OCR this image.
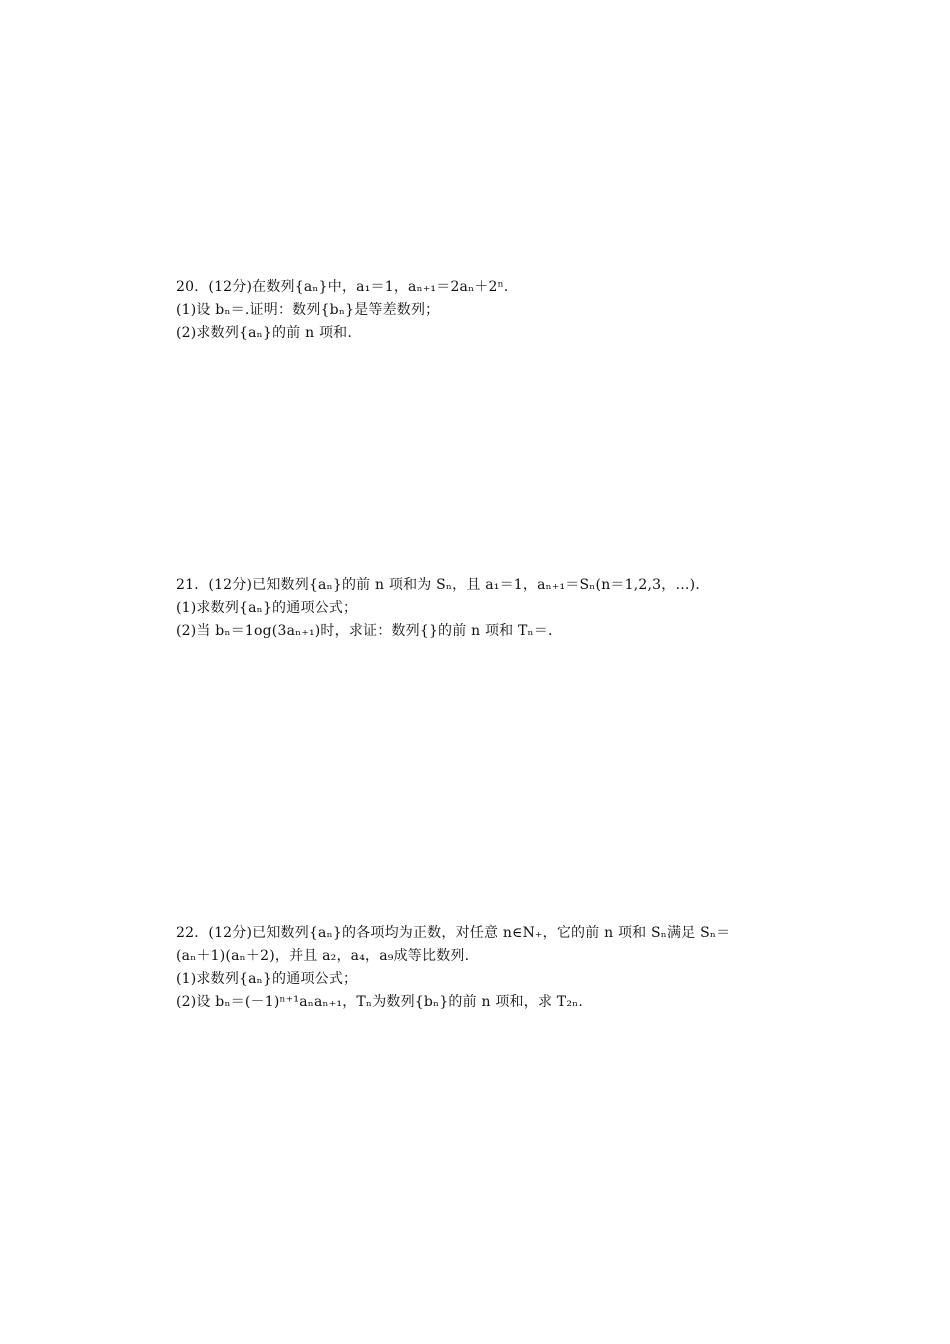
20．(12分)在数列{aₙ}中，a₁＝1，aₙ₊₁＝2aₙ＋2ⁿ.
(1)设 bₙ＝.证明：数列{bₙ}是等差数列；
(2)求数列{aₙ}的前 n 项和.
21．(12分)已知数列{aₙ}的前 n 项和为 Sₙ，且 a₁＝1，aₙ₊₁＝Sₙ(n＝1,2,3，…)．
(1)求数列{aₙ}的通项公式；
(2)当 bₙ＝1og(3aₙ₊₁)时，求证：数列{}的前 n 项和 Tₙ＝.
22．(12分)已知数列{aₙ}的各项均为正数，对任意 n∈N₊，它的前 n 项和 Sₙ满足 Sₙ＝
(aₙ＋1)(aₙ＋2)，并且 a₂，a₄，a₉成等比数列.
(1)求数列{aₙ}的通项公式；
(2)设 bₙ＝(－1)ⁿ⁺¹aₙaₙ₊₁，Tₙ为数列{bₙ}的前 n 项和，求 T₂ₙ.
